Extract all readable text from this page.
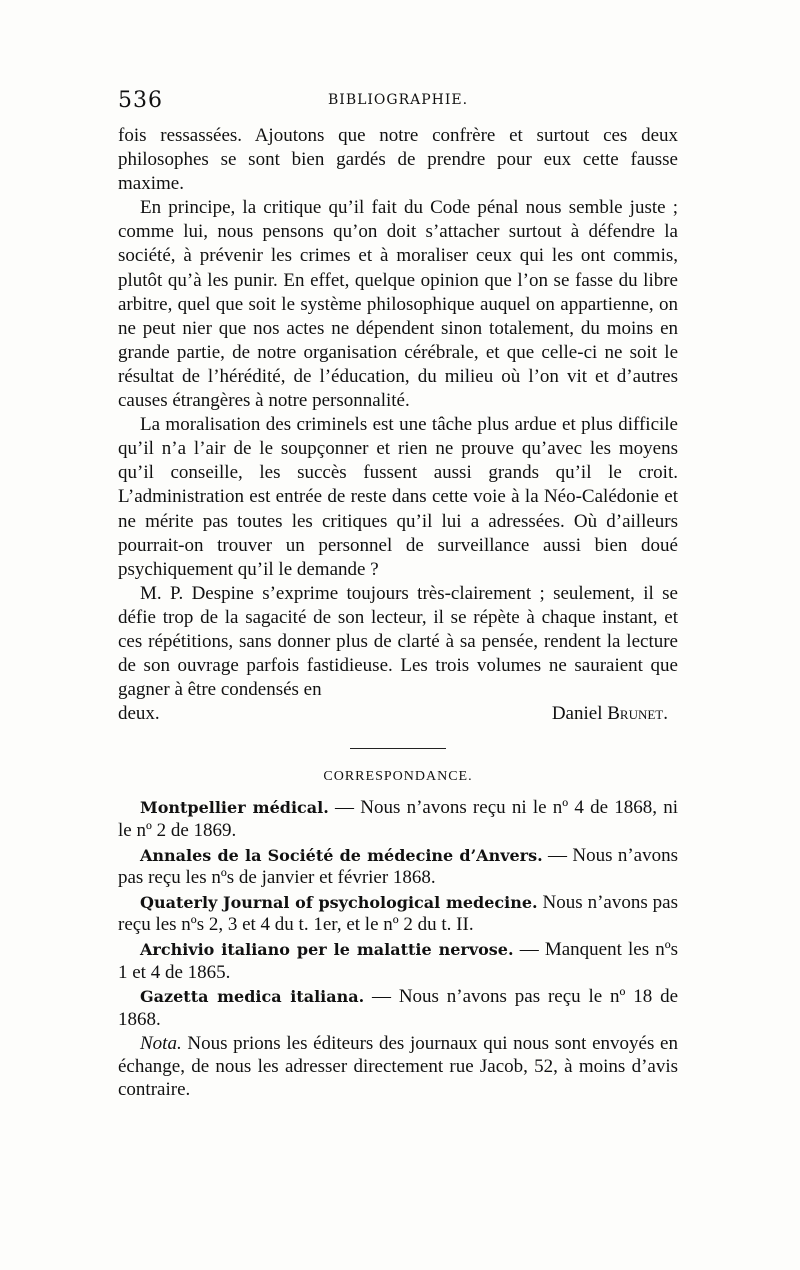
536	BIBLIOGRAPHIE.

fois ressassées. Ajoutons que notre confrère et surtout ces deux philosophes se sont bien gardés de prendre pour eux cette fausse maxime.

En principe, la critique qu’il fait du Code pénal nous semble juste ; comme lui, nous pensons qu’on doit s’attacher surtout à défendre la société, à prévenir les crimes et à moraliser ceux qui les ont commis, plutôt qu’à les punir. En effet, quelque opinion que l’on se fasse du libre arbitre, quel que soit le système philosophique auquel on appartienne, on ne peut nier que nos actes ne dépendent sinon totalement, du moins en grande partie, de notre organisation cérébrale, et que celle-ci ne soit le résultat de l’hérédité, de l’éducation, du milieu où l’on vit et d’autres causes étrangères à notre personnalité.

La moralisation des criminels est une tâche plus ardue et plus difficile qu’il n’a l’air de le soupçonner et rien ne prouve qu’avec les moyens qu’il conseille, les succès fussent aussi grands qu’il le croit. L’administration est entrée de reste dans cette voie à la Néo-Calédonie et ne mérite pas toutes les critiques qu’il lui a adressées. Où d’ailleurs pourrait-on trouver un personnel de surveillance aussi bien doué psychiquement qu’il le demande ?

M. P. Despine s’exprime toujours très-clairement ; seulement, il se défie trop de la sagacité de son lecteur, il se répète à chaque instant, et ces répétitions, sans donner plus de clarté à sa pensée, rendent la lecture de son ouvrage parfois fastidieuse. Les trois volumes ne sauraient que gagner à être condensés en

deux.	Daniel Brunet.
CORRESPONDANCE.

Montpellier médical. — Nous n’avons reçu ni le nº 4 de 1868, ni le nº 2 de 1869.

Annales de la Société de médecine d’Anvers. — Nous n’avons pas reçu les nºs de janvier et février 1868.

Quaterly Journal of psychological medecine. Nous n’avons pas reçu les nºs 2, 3 et 4 du t. 1er, et le nº 2 du t. II.

Archivio italiano per le malattie nervose. — Manquent les nºs 1 et 4 de 1865.

Gazetta medica italiana. — Nous n’avons pas reçu le nº 18 de 1868.

Nota. Nous prions les éditeurs des journaux qui nous sont envoyés en échange, de nous les adresser directement rue Jacob, 52, à moins d’avis contraire.
